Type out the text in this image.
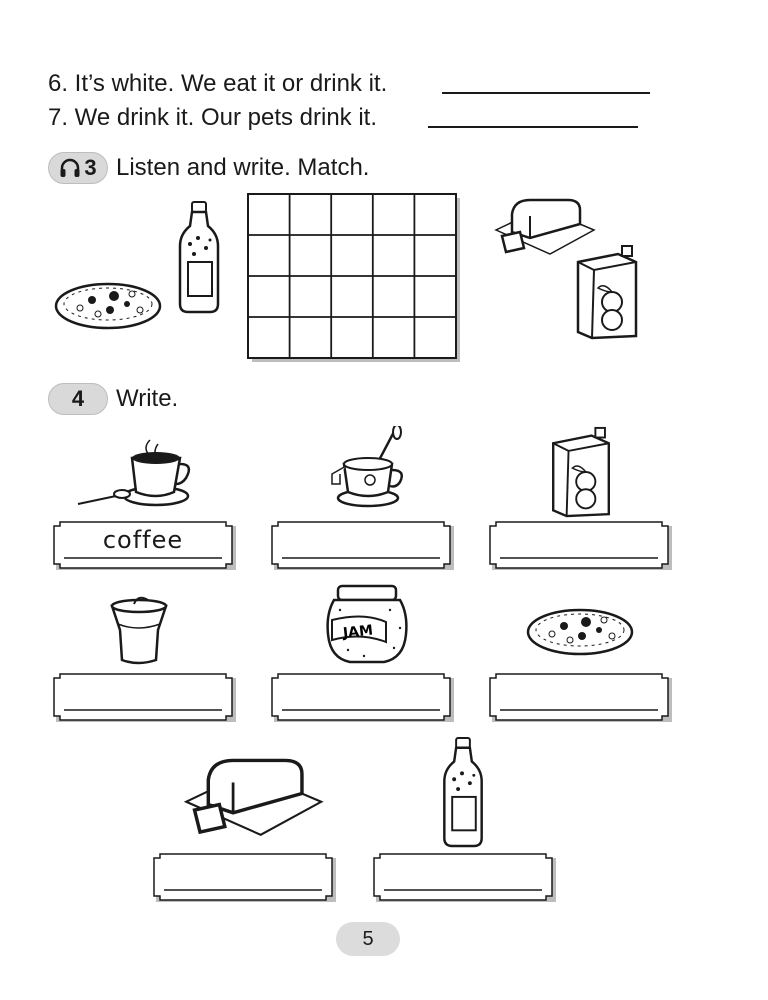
6. It’s white. We eat it or drink it.
7. We drink it. Our pets drink it.
3 Listen and write. Match.
4 Write.
coffee
JAM
5
